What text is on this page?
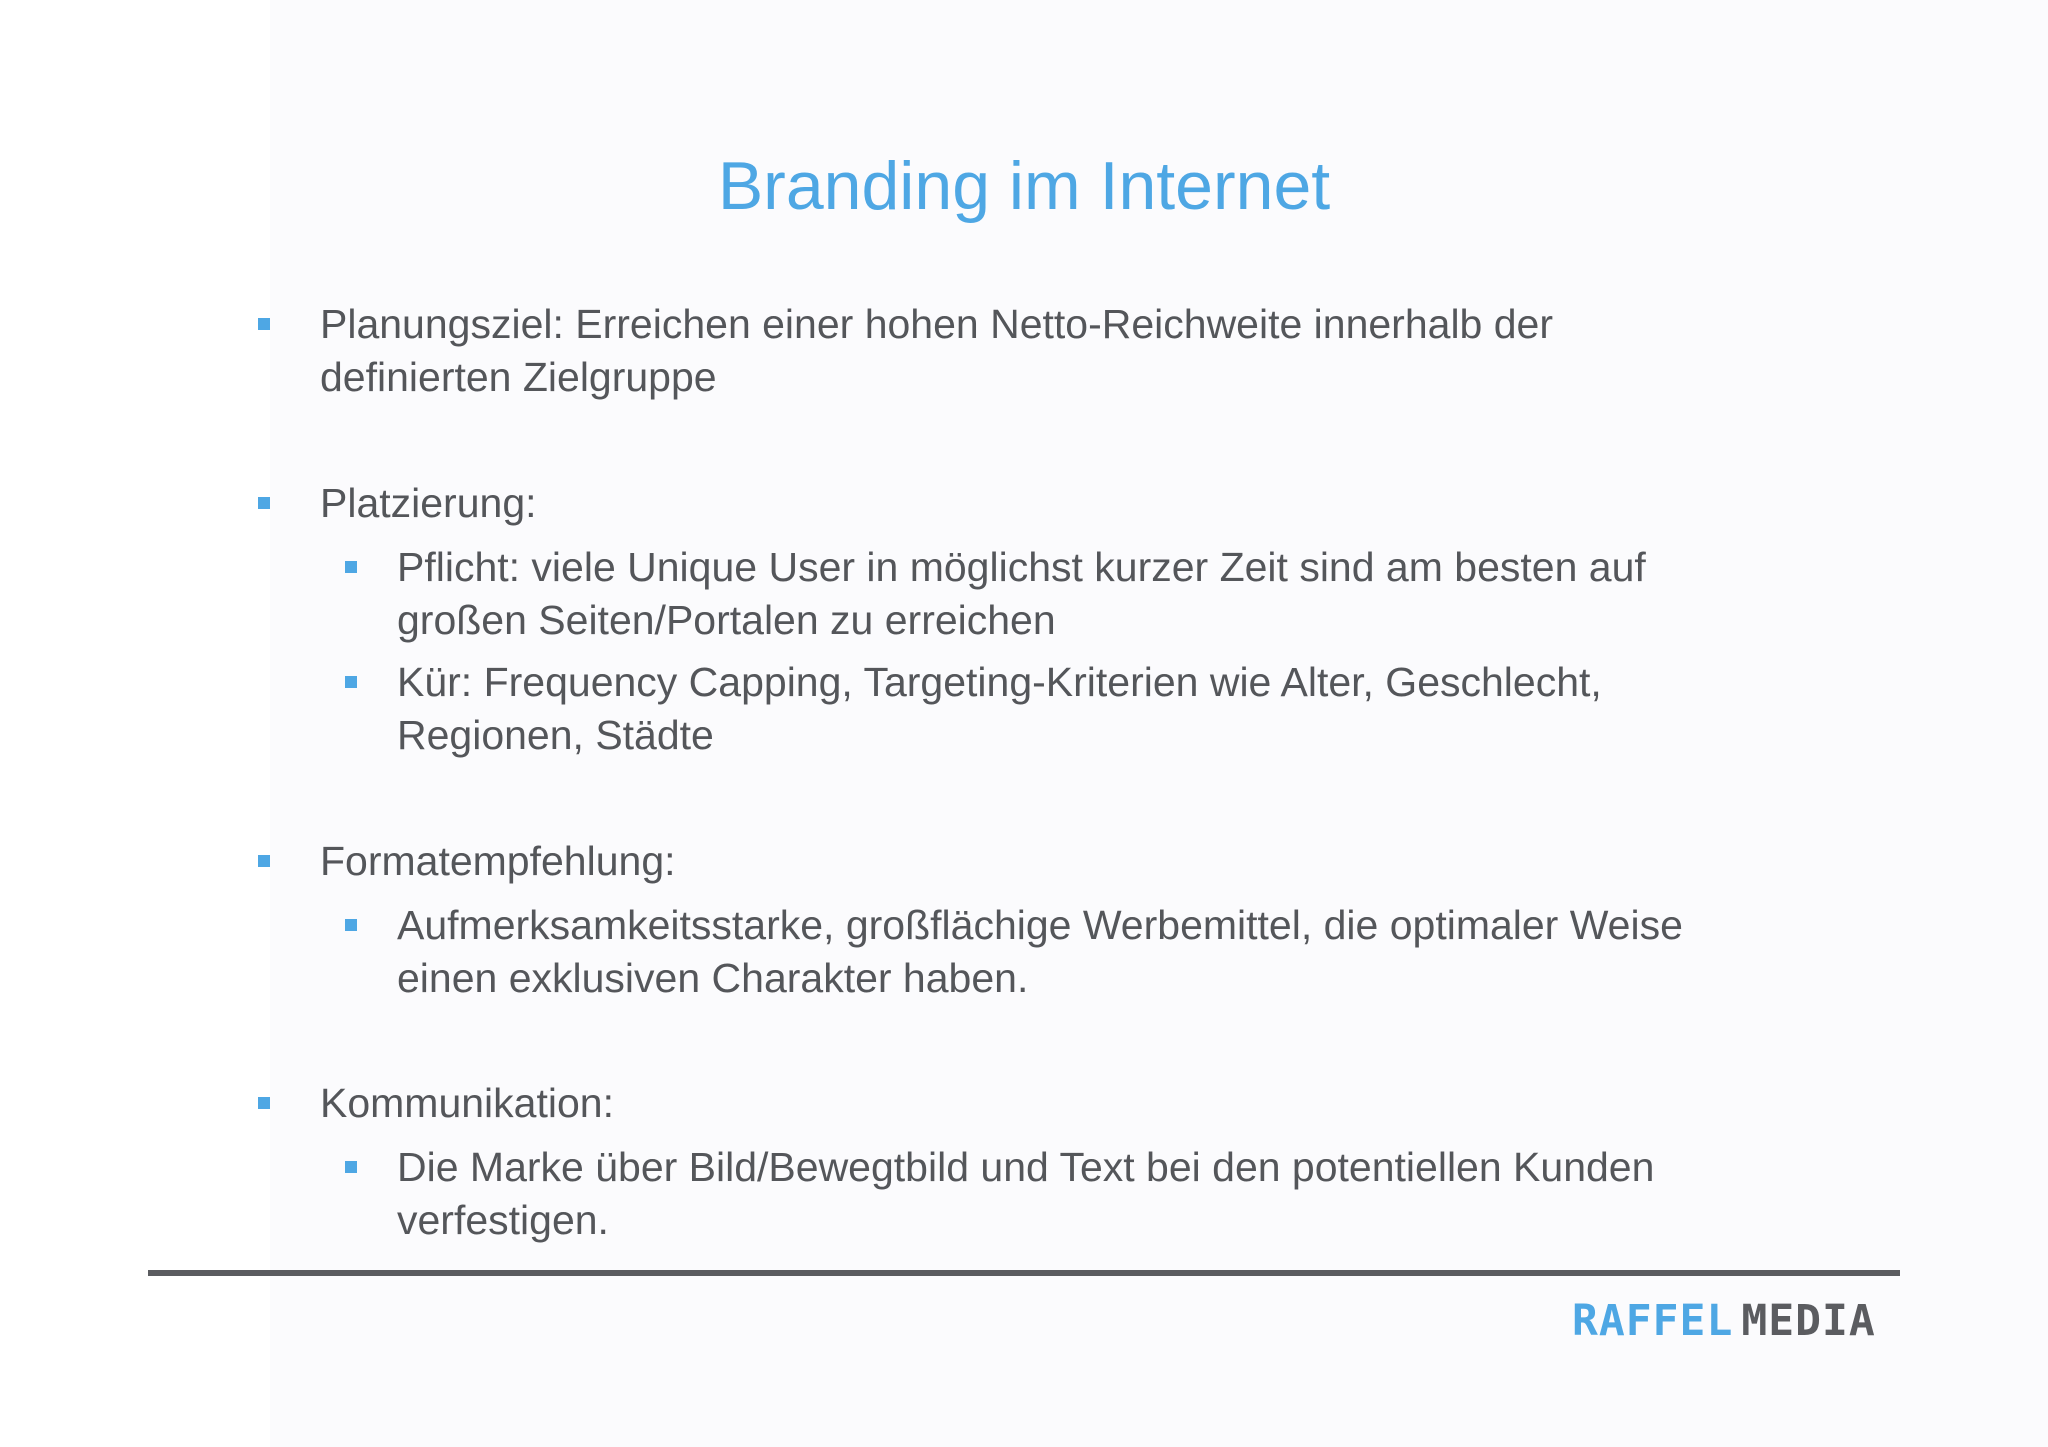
Branding im Internet
Planungsziel: Erreichen einer hohen Netto-Reichweite innerhalb der
definierten Zielgruppe
Platzierung:
Pflicht: viele Unique User in möglichst kurzer Zeit sind am besten auf
großen Seiten/Portalen zu erreichen
Kür: Frequency Capping, Targeting-Kriterien wie Alter, Geschlecht,
Regionen, Städte
Formatempfehlung:
Aufmerksamkeitsstarke, großflächige Werbemittel, die optimaler Weise
einen exklusiven Charakter haben.
Kommunikation:
Die Marke über Bild/Bewegtbild und Text bei den potentiellen Kunden
verfestigen.
RAFFEL MEDIA
